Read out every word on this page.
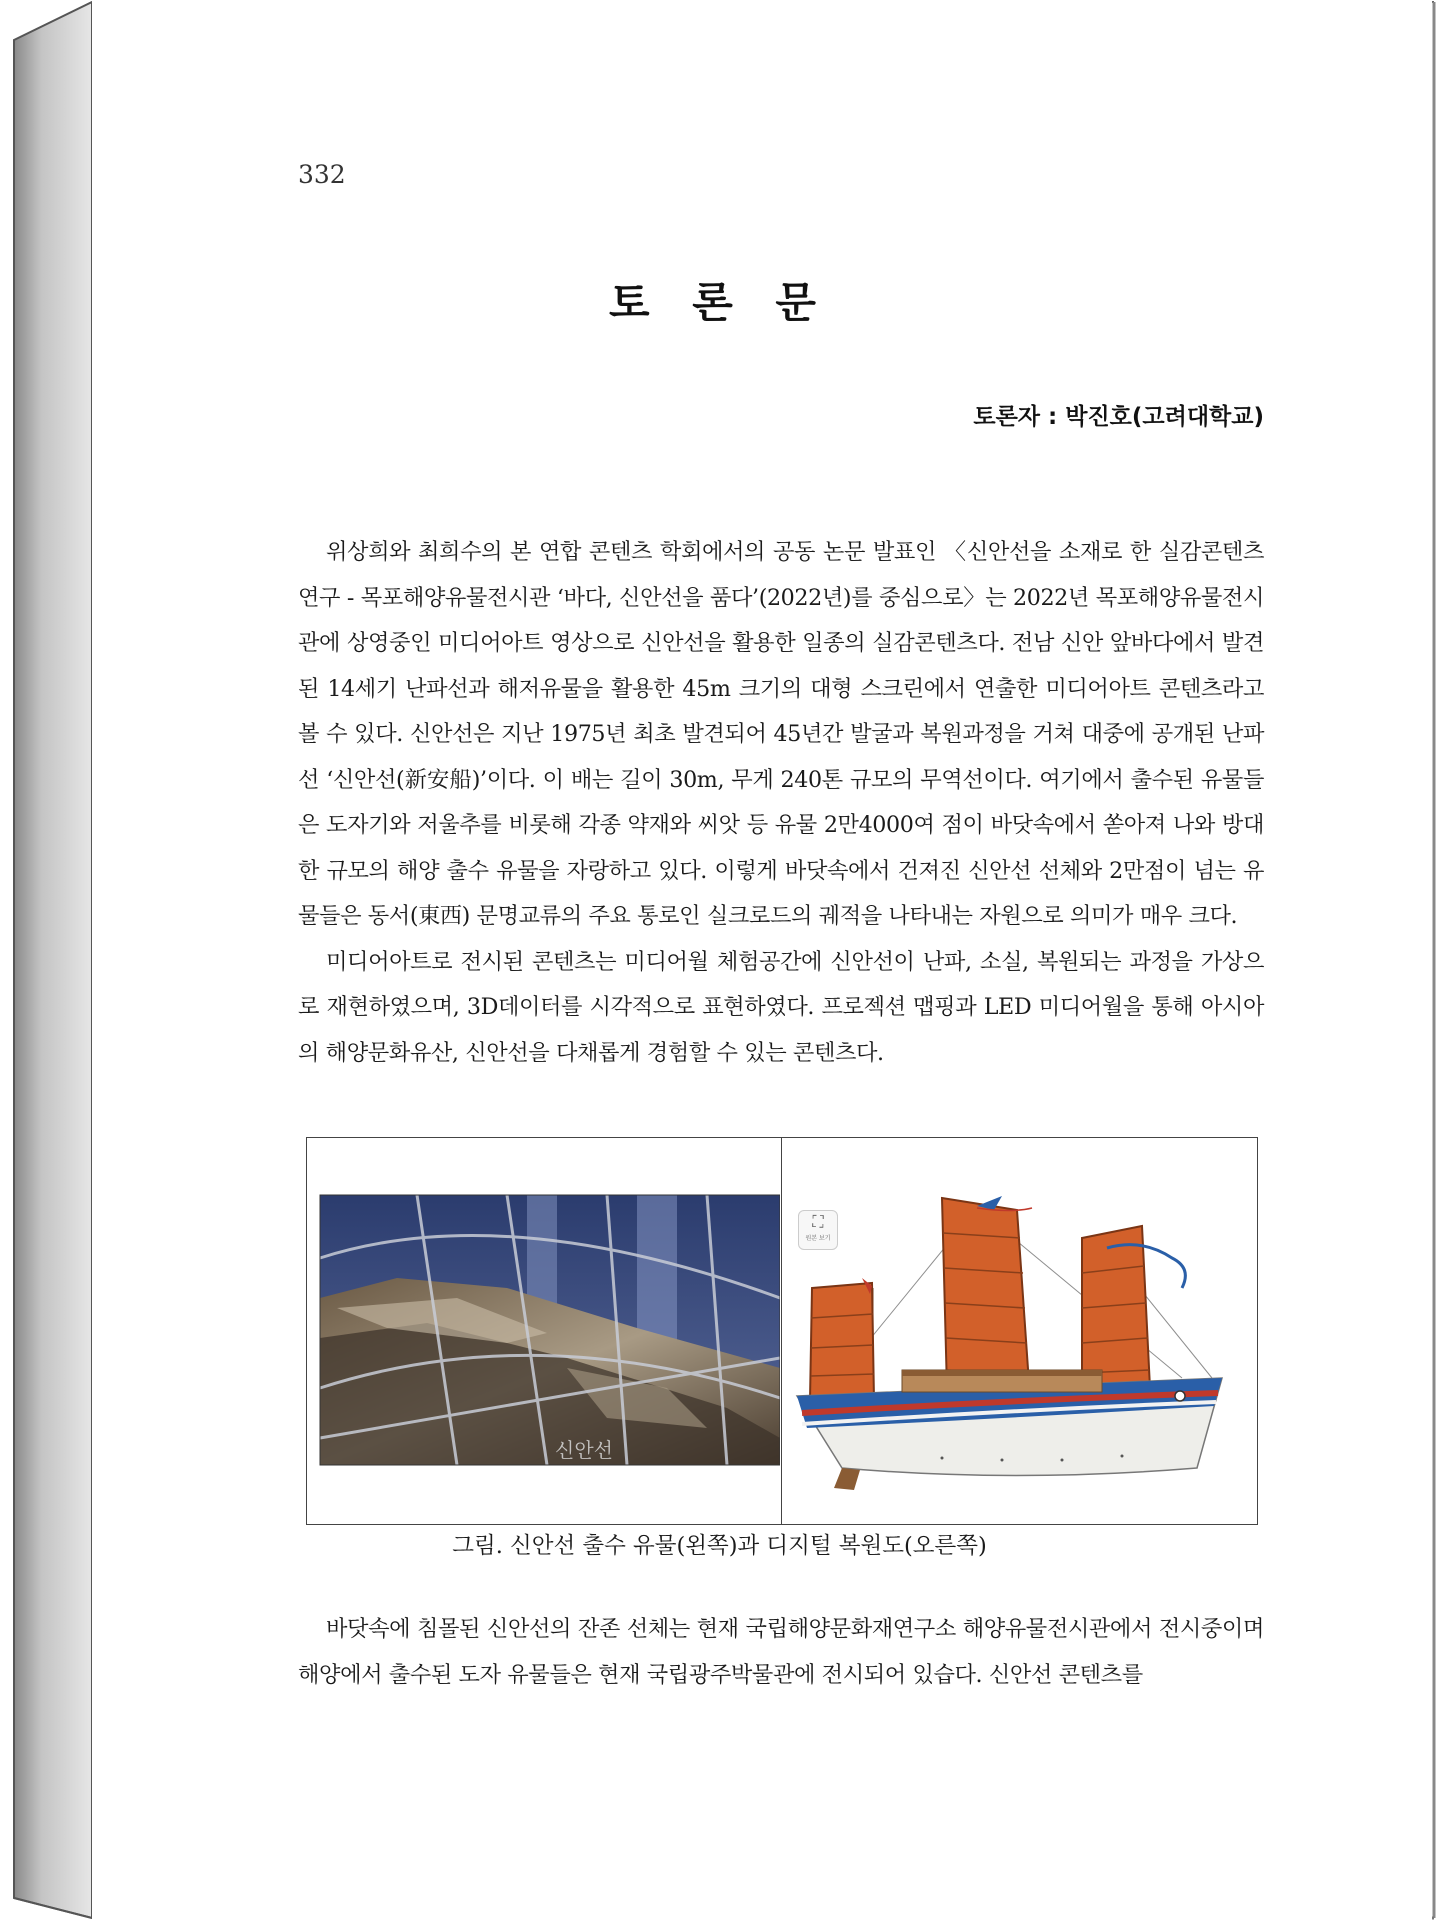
332
토 론 문
토론자 : 박진호(고려대학교)

위상희와 최희수의 본 연합 콘텐츠 학회에서의 공동 논문 발표인 〈신안선을 소재로 한 실감콘텐츠 연구 - 목포해양유물전시관 ‘바다, 신안선을 품다’(2022년)를 중심으로〉는 2022년 목포해양유물전시관에 상영중인 미디어아트 영상으로 신안선을 활용한 일종의 실감콘텐츠다. 전남 신안 앞바다에서 발견된 14세기 난파선과 해저유물을 활용한 45m 크기의 대형 스크린에서 연출한 미디어아트 콘텐츠라고 볼 수 있다. 신안선은 지난 1975년 최초 발견되어 45년간 발굴과 복원과정을 거쳐 대중에 공개된 난파선 ‘신안선(新安船)’이다. 이 배는 길이 30m, 무게 240톤 규모의 무역선이다. 여기에서 출수된 유물들은 도자기와 저울추를 비롯해 각종 약재와 씨앗 등 유물 2만4000여 점이 바닷속에서 쏟아져 나와 방대한 규모의 해양 출수 유물을 자랑하고 있다. 이렇게 바닷속에서 건져진 신안선 선체와 2만점이 넘는 유물들은 동서(東西) 문명교류의 주요 통로인 실크로드의 궤적을 나타내는 자원으로 의미가 매우 크다.

미디어아트로 전시된 콘텐츠는 미디어월 체험공간에 신안선이 난파, 소실, 복원되는 과정을 가상으로 재현하였으며, 3D데이터를 시각적으로 표현하였다. 프로젝션 맵핑과 LED 미디어월을 통해 아시아의 해양문화유산, 신안선을 다채롭게 경험할 수 있는 콘텐츠다.

신안선
⛶
원본 보기
그림. 신안선 출수 유물(왼쪽)과 디지털 복원도(오른쪽)

바닷속에 침몰된 신안선의 잔존 선체는 현재 국립해양문화재연구소 해양유물전시관에서 전시중이며 해양에서 출수된 도자 유물들은 현재 국립광주박물관에 전시되어 있습다. 신안선 콘텐츠를
